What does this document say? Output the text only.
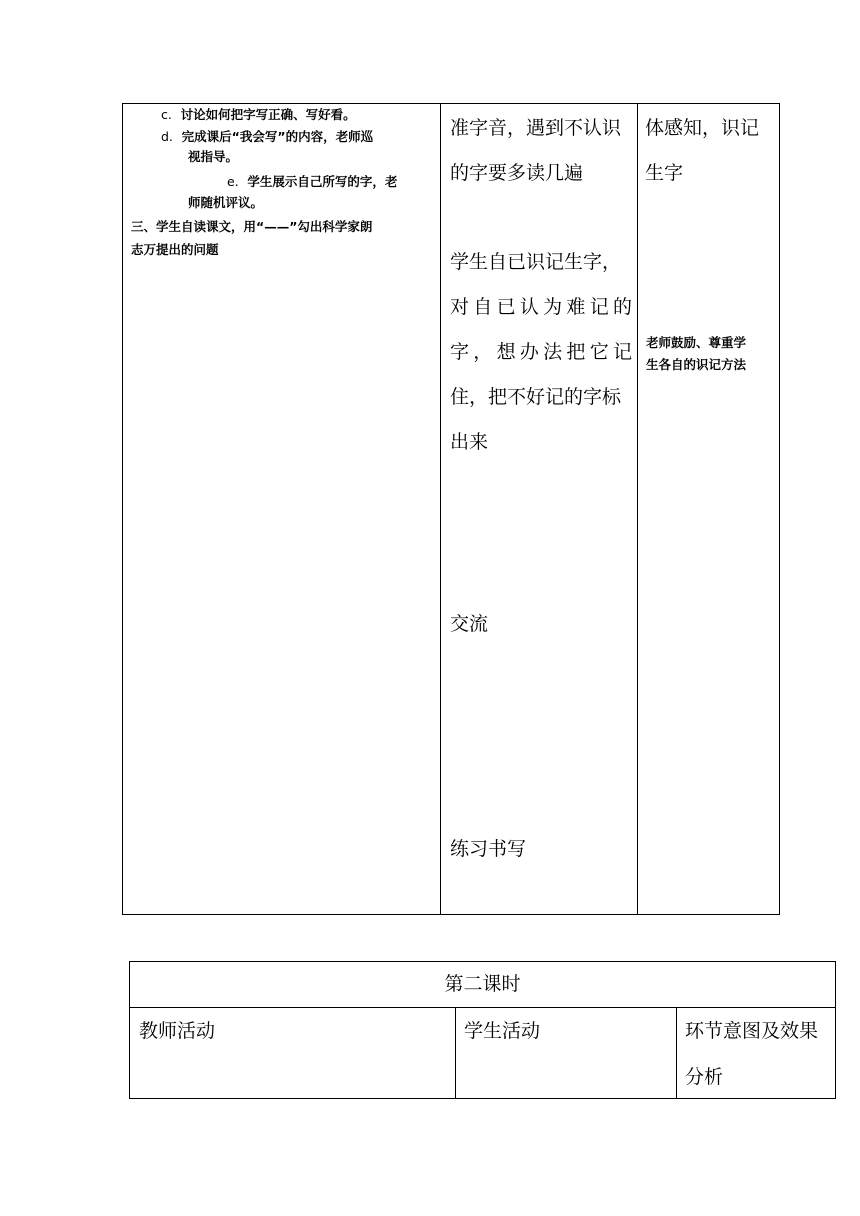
c. 讨论如何把字写正确、写好看。
d. 完成课后“我会写”的内容，老师巡
视指导。
e. 学生展示自己所写的字，老
师随机评议。
三、学生自读课文，用“——”勾出科学家朗
志万提出的问题
准字音，遇到不认识
的字要多读几遍
学生自已识记生字，
对自已认为难记的
字，想办法把它记
住，把不好记的字标
出来
交流
练习书写
体感知，识记
生字
老师鼓励、尊重学
生各自的识记方法
第二课时
教师活动	学生活动	环节意图及效果
分析
